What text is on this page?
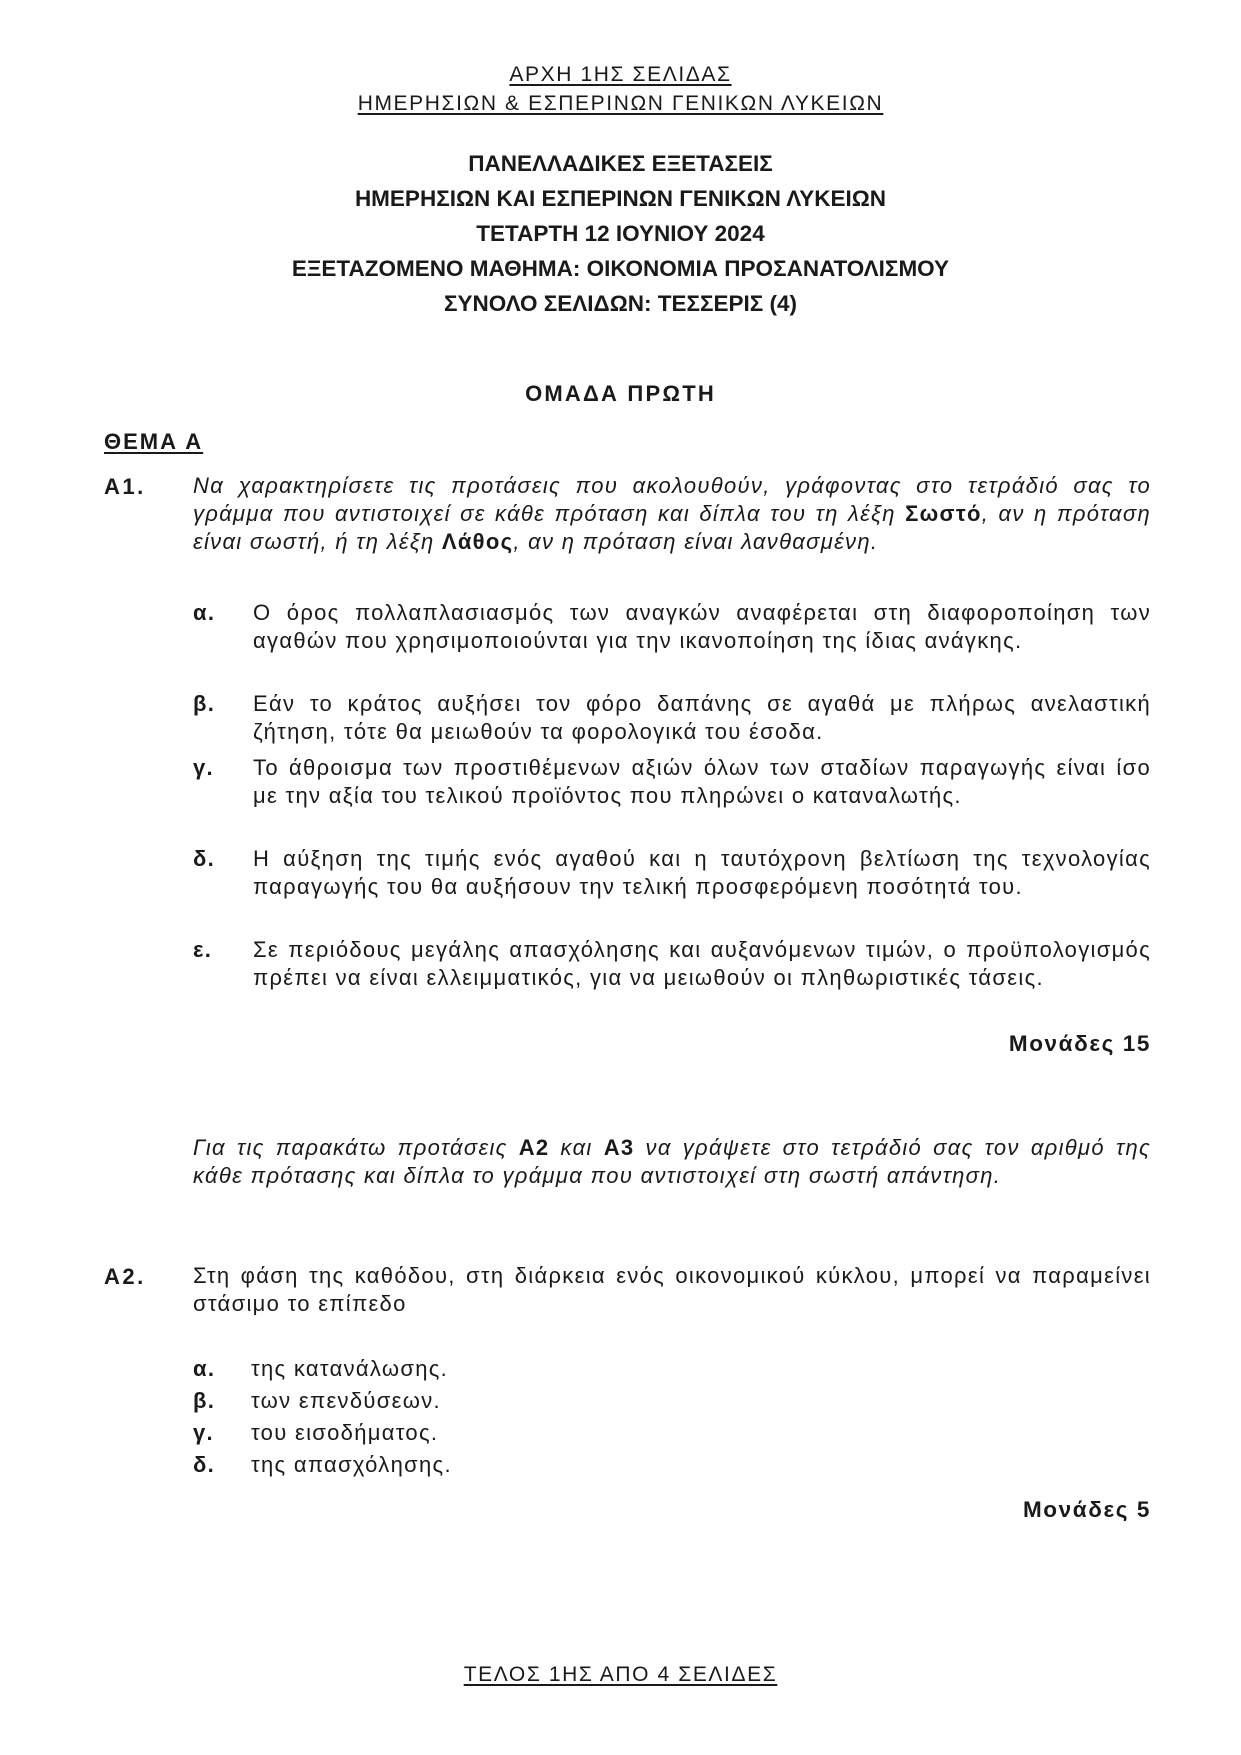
ΑΡΧΗ 1ΗΣ ΣΕΛΙΔΑΣ
ΗΜΕΡΗΣΙΩΝ & ΕΣΠΕΡΙΝΩΝ ΓΕΝΙΚΩΝ ΛΥΚΕΙΩΝ
ΠΑΝΕΛΛΑΔΙΚΕΣ ΕΞΕΤΑΣΕΙΣ
ΗΜΕΡΗΣΙΩΝ ΚΑΙ ΕΣΠΕΡΙΝΩΝ ΓΕΝΙΚΩΝ ΛΥΚΕΙΩΝ
ΤΕΤΑΡΤΗ 12 ΙΟΥΝΙΟΥ 2024
ΕΞΕΤΑΖΟΜΕΝΟ ΜΑΘΗΜΑ: ΟΙΚΟΝΟΜΙΑ ΠΡΟΣΑΝΑΤΟΛΙΣΜΟΥ
ΣΥΝΟΛΟ ΣΕΛΙΔΩΝ: ΤΕΣΣΕΡΙΣ (4)
ΟΜΑΔΑ ΠΡΩΤΗ
ΘΕΜΑ Α
Α1. Να χαρακτηρίσετε τις προτάσεις που ακολουθούν, γράφοντας στο τετράδιό σας το γράμμα που αντιστοιχεί σε κάθε πρόταση και δίπλα του τη λέξη Σωστό, αν η πρόταση είναι σωστή, ή τη λέξη Λάθος, αν η πρόταση είναι λανθασμένη.
α. Ο όρος πολλαπλασιασμός των αναγκών αναφέρεται στη διαφοροποίηση των αγαθών που χρησιμοποιούνται για την ικανοποίηση της ίδιας ανάγκης.
β. Εάν το κράτος αυξήσει τον φόρο δαπάνης σε αγαθά με πλήρως ανελαστική ζήτηση, τότε θα μειωθούν τα φορολογικά του έσοδα.
γ. Το άθροισμα των προστιθέμενων αξιών όλων των σταδίων παραγωγής είναι ίσο με την αξία του τελικού προϊόντος που πληρώνει ο καταναλωτής.
δ. Η αύξηση της τιμής ενός αγαθού και η ταυτόχρονη βελτίωση της τεχνολογίας παραγωγής του θα αυξήσουν την τελική προσφερόμενη ποσότητά του.
ε. Σε περιόδους μεγάλης απασχόλησης και αυξανόμενων τιμών, ο προϋπολογισμός πρέπει να είναι ελλειμματικός, για να μειωθούν οι πληθωριστικές τάσεις.
Μονάδες 15
Για τις παρακάτω προτάσεις Α2 και Α3 να γράψετε στο τετράδιό σας τον αριθμό της κάθε πρότασης και δίπλα το γράμμα που αντιστοιχεί στη σωστή απάντηση.
Α2. Στη φάση της καθόδου, στη διάρκεια ενός οικονομικού κύκλου, μπορεί να παραμείνει στάσιμο το επίπεδο
α. της κατανάλωσης.
β. των επενδύσεων.
γ. του εισοδήματος.
δ. της απασχόλησης.
Μονάδες 5
ΤΕΛΟΣ 1ΗΣ ΑΠΟ 4 ΣΕΛΙΔΕΣ
